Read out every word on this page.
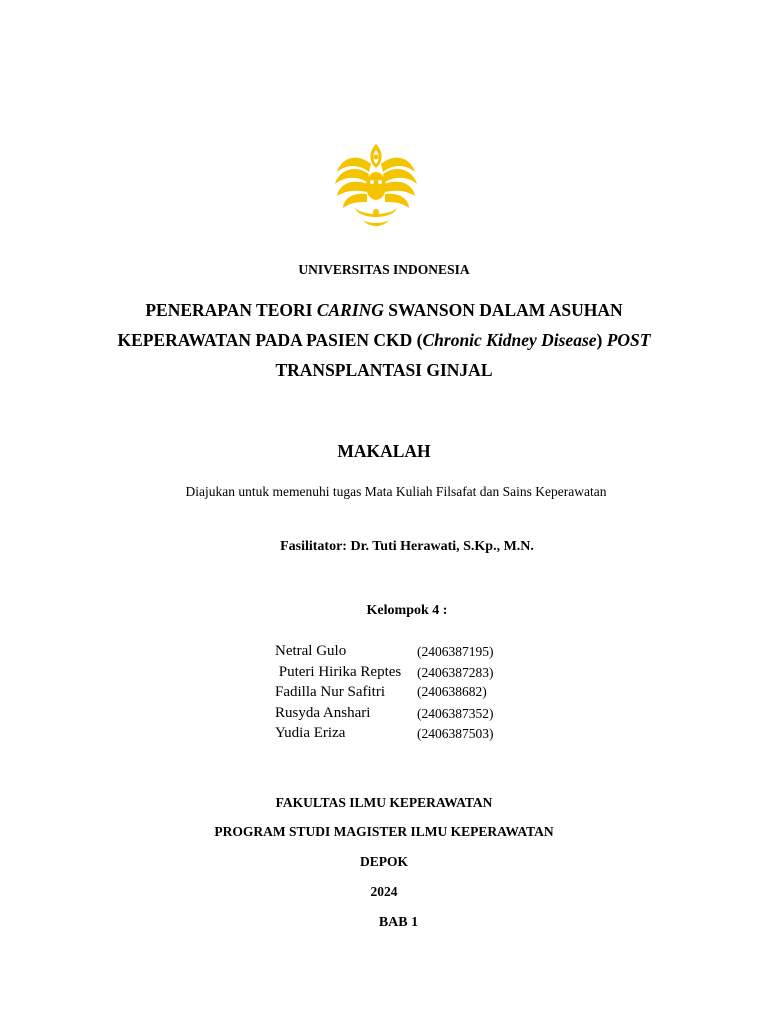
UNIVERSITAS INDONESIA
PENERAPAN TEORI CARING SWANSON DALAM ASUHAN
KEPERAWATAN PADA PASIEN CKD (Chronic Kidney Disease) POST
TRANSPLANTASI GINJAL
MAKALAH
Diajukan untuk memenuhi tugas Mata Kuliah Filsafat dan Sains Keperawatan
Fasilitator: Dr. Tuti Herawati, S.Kp., M.N.
Kelompok 4 :
Netral Gulo	(2406387195)
Puteri Hirika Reptes (2406387283)
Fadilla Nur Safitri (240638682)
Rusyda Anshari	(2406387352)
Yudia Eriza	(2406387503)
FAKULTAS ILMU KEPERAWATAN
PROGRAM STUDI MAGISTER ILMU KEPERAWATAN
DEPOK
2024
BAB 1
